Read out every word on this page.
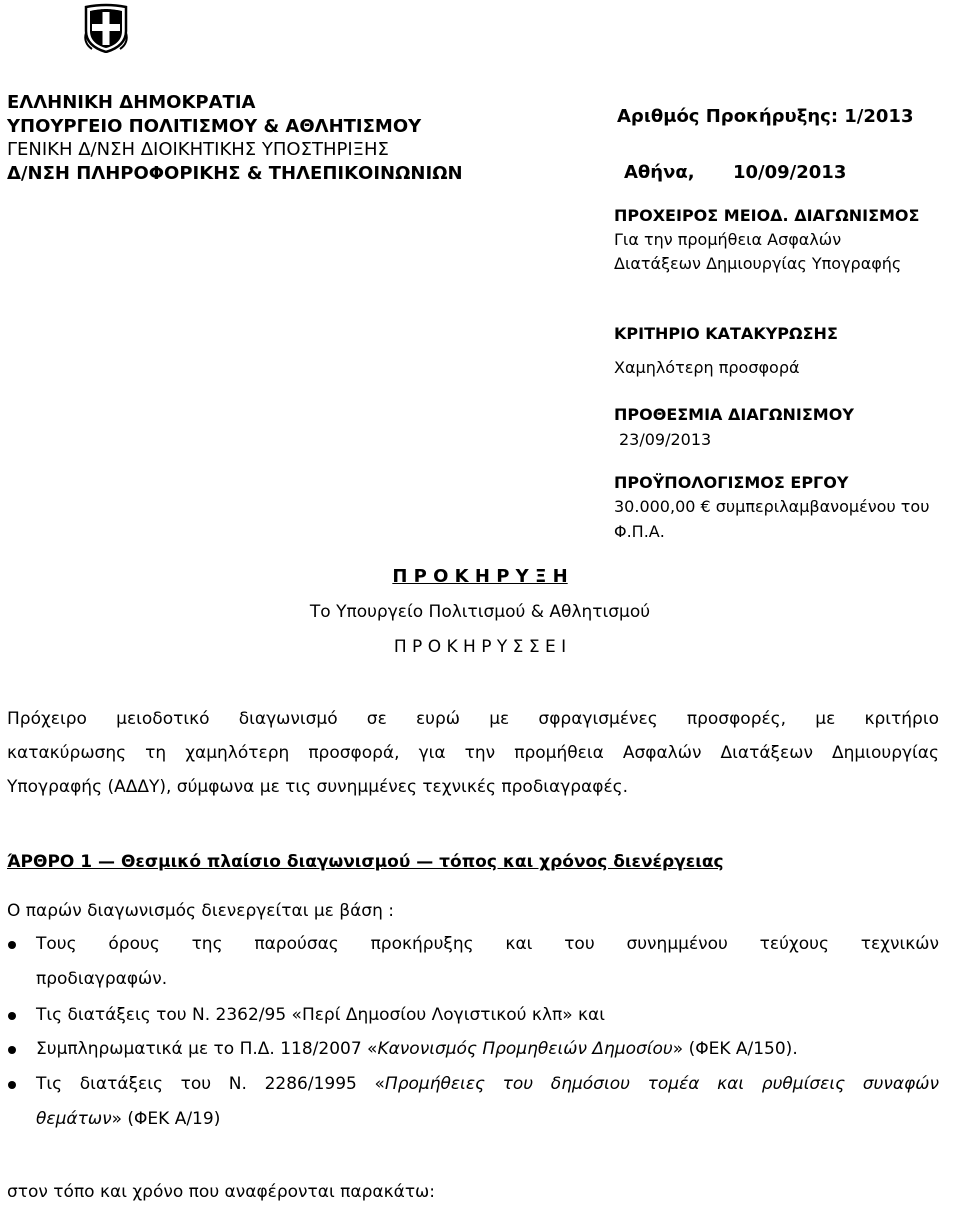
ΕΛΛΗΝΙΚΗ ΔΗΜΟΚΡΑΤΙΑ
ΥΠΟΥΡΓΕΙΟ ΠΟΛΙΤΙΣΜΟΥ & ΑΘΛΗΤΙΣΜΟΥ
ΓΕΝΙΚΗ Δ/ΝΣΗ ΔΙΟΙΚΗΤΙΚΗΣ ΥΠΟΣΤΗΡΙΞΗΣ
Δ/ΝΣΗ ΠΛΗΡΟΦΟΡΙΚΗΣ & ΤΗΛΕΠΙΚΟΙΝΩΝΙΩΝ
Αριθμός Προκήρυξης: 1/2013
Αθήνα, 10/09/2013
ΠΡΟΧΕΙΡΟΣ ΜΕΙΟΔ. ΔΙΑΓΩΝΙΣΜΟΣ
Για την προμήθεια Ασφαλών
Διατάξεων Δημιουργίας Υπογραφής
ΚΡΙΤΗΡΙΟ ΚΑΤΑΚΥΡΩΣΗΣ
Χαμηλότερη προσφορά
ΠΡΟΘΕΣΜΙΑ ΔΙΑΓΩΝΙΣΜΟΥ
23/09/2013
ΠΡΟΫΠΟΛΟΓΙΣΜΟΣ ΕΡΓΟΥ
30.000,00 € συμπεριλαμβανομένου του
Φ.Π.Α.
Π Ρ Ο Κ Η Ρ Υ Ξ Η
Το Υπουργείο Πολιτισμού & Αθλητισμού
Π Ρ Ο Κ Η Ρ Υ Σ Σ Ε Ι
Πρόχειρο μειοδοτικό διαγωνισμό σε ευρώ με σφραγισμένες προσφορές, με κριτήριο
κατακύρωσης τη χαμηλότερη προσφορά, για την προμήθεια Ασφαλών Διατάξεων Δημιουργίας
Υπογραφής (ΑΔΔΥ), σύμφωνα με τις συνημμένες τεχνικές προδιαγραφές.
ΆΡΘΡΟ 1 — Θεσμικό πλαίσιο διαγωνισμού — τόπος και χρόνος διενέργειας
Ο παρών διαγωνισμός διενεργείται με βάση :
Τους όρους της παρούσας προκήρυξης και του συνημμένου τεύχους τεχνικών
προδιαγραφών.
Τις διατάξεις του Ν. 2362/95 «Περί Δημοσίου Λογιστικού κλπ» και
Συμπληρωματικά με το Π.Δ. 118/2007 «Κανονισμός Προμηθειών Δημοσίου» (ΦΕΚ Α/150).
Τις διατάξεις του Ν. 2286/1995 «Προμήθειες του δημόσιου τομέα και ρυθμίσεις συναφών
θεμάτων» (ΦΕΚ Α/19)
στον τόπο και χρόνο που αναφέρονται παρακάτω:
